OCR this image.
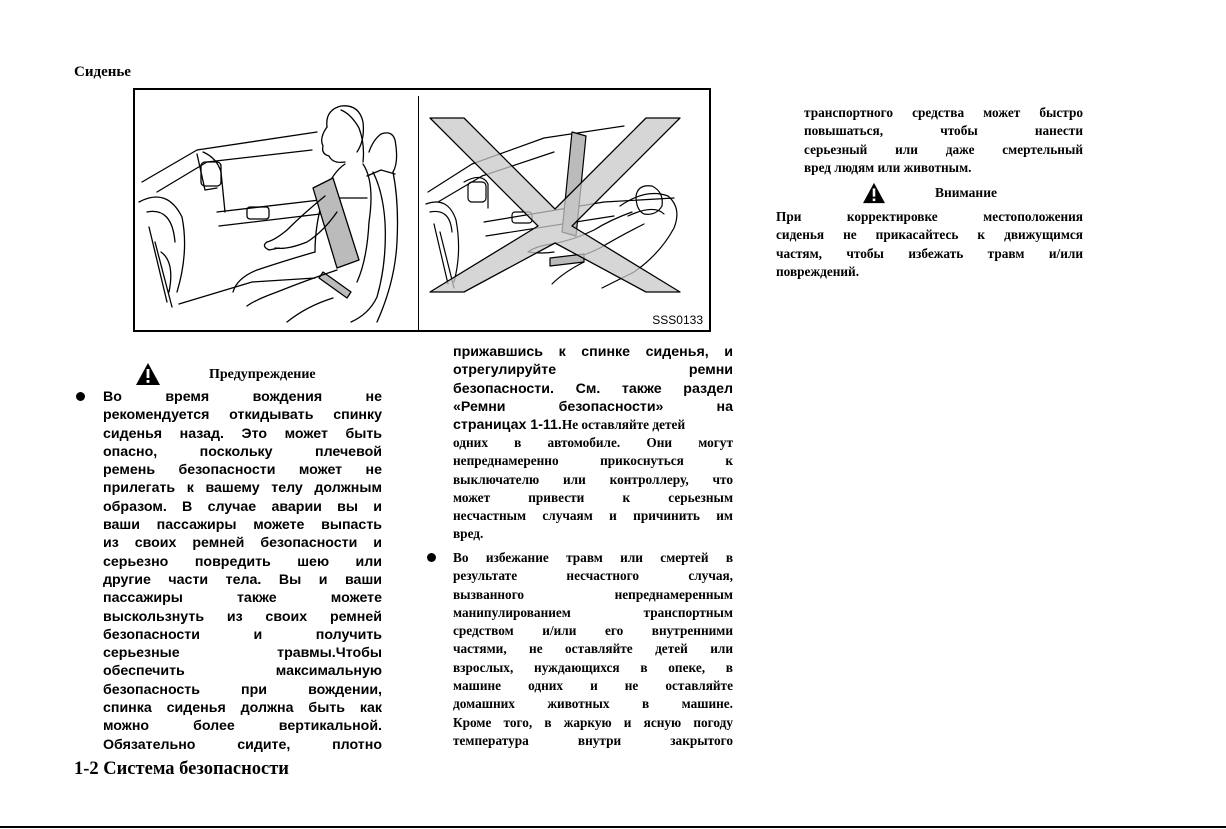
Сиденье
SSS0133
Предупреждение
Во время вождения не
рекомендуется откидывать спинку
сиденья назад. Это может быть
опасно, поскольку плечевой
ремень безопасности может не
прилегать к вашему телу должным
образом. В случае аварии вы и
ваши пассажиры можете выпасть
из своих ремней безопасности и
серьезно повредить шею или
другие части тела. Вы и ваши
пассажиры также можете
выскользнуть из своих ремней
безопасности и получить
серьезные травмы.Чтобы
обеспечить максимальную
безопасность при вождении,
спинка сиденья должна быть как
можно более вертикальной.
Обязательно сидите, плотно
прижавшись к спинке сиденья, и
отрегулируйте ремни
безопасности. См. также раздел
«Ремни безопасности» на
страницах 1-11.Не оставляйте детей
одних в автомобиле. Они могут
непреднамеренно прикоснуться к
выключателю или контроллеру, что
может привести к серьезным
несчастным случаям и причинить им
вред.
Во избежание травм или смертей в
результате несчастного случая,
вызванного непреднамеренным
манипулированием транспортным
средством и/или его внутренними
частями, не оставляйте детей или
взрослых, нуждающихся в опеке, в
машине одних и не оставляйте
домашних животных в машине.
Кроме того, в жаркую и ясную погоду
температура внутри закрытого
транспортного средства может быстро
повышаться, чтобы нанести
серьезный или даже смертельный
вред людям или животным.
Внимание
При корректировке местоположения
сиденья не прикасайтесь к движущимся
частям, чтобы избежать травм и/или
повреждений.
1-2 Система безопасности
